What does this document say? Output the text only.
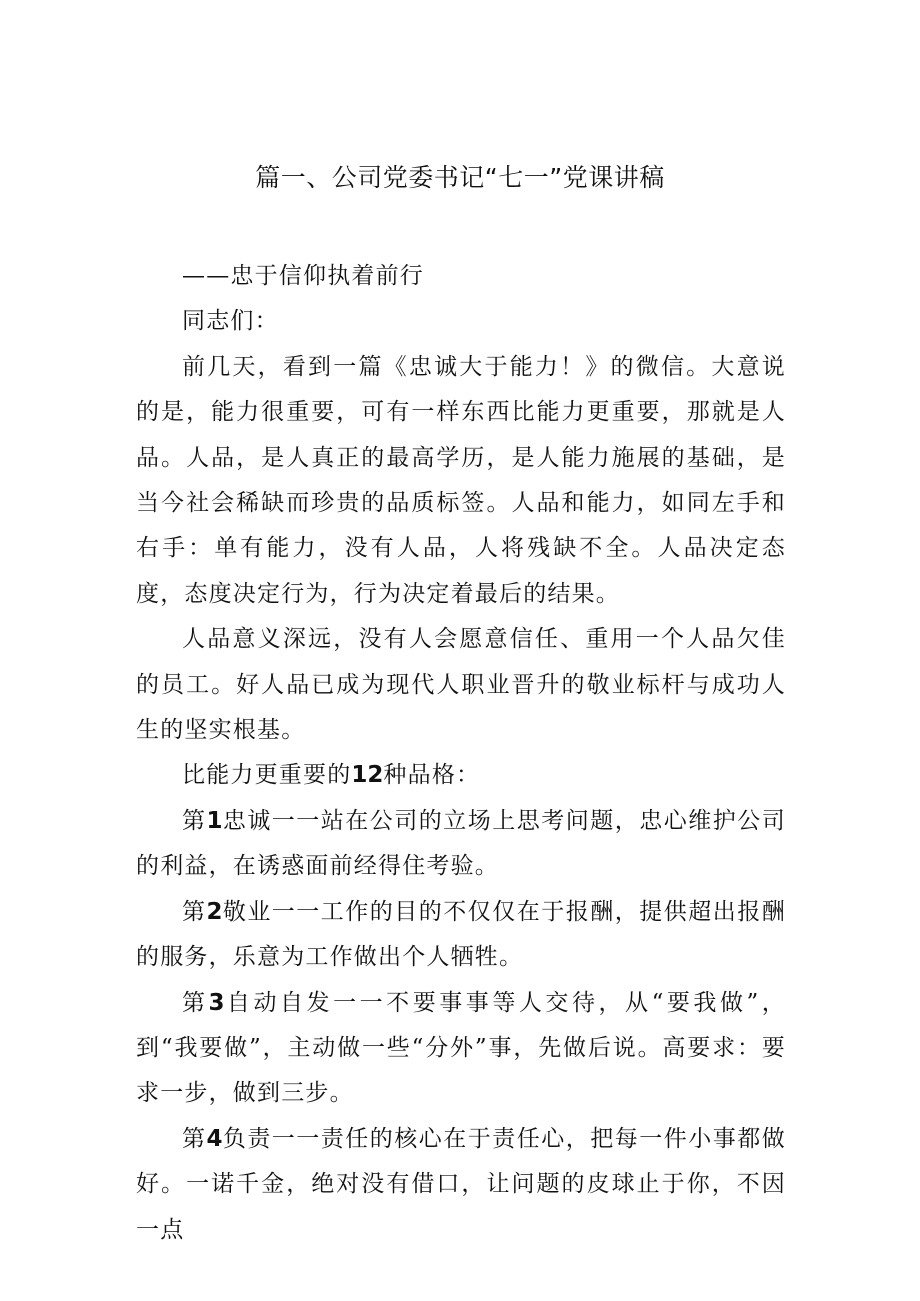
篇一、公司党委书记“七一”党课讲稿

——忠于信仰执着前行

同志们：

前几天，看到一篇《忠诚大于能力！》的微信。大意说的是，能力很重要，可有一样东西比能力更重要，那就是人品。人品，是人真正的最高学历，是人能力施展的基础，是当今社会稀缺而珍贵的品质标签。人品和能力，如同左手和右手：单有能力，没有人品，人将残缺不全。人品决定态度，态度决定行为，行为决定着最后的结果。

人品意义深远，没有人会愿意信任、重用一个人品欠佳的员工。好人品已成为现代人职业晋升的敬业标杆与成功人生的坚实根基。

比能力更重要的12种品格：

第1忠诚一一站在公司的立场上思考问题，忠心维护公司的利益，在诱惑面前经得住考验。

第2敬业一一工作的目的不仅仅在于报酬，提供超出报酬的服务，乐意为工作做出个人牺牲。

第3自动自发一一不要事事等人交待，从“要我做”，到“我要做”，主动做一些“分外”事，先做后说。高要求：要求一步，做到三步。

第4负责一一责任的核心在于责任心，把每一件小事都做好。一诺千金，绝对没有借口，让问题的皮球止于你，不因一点
